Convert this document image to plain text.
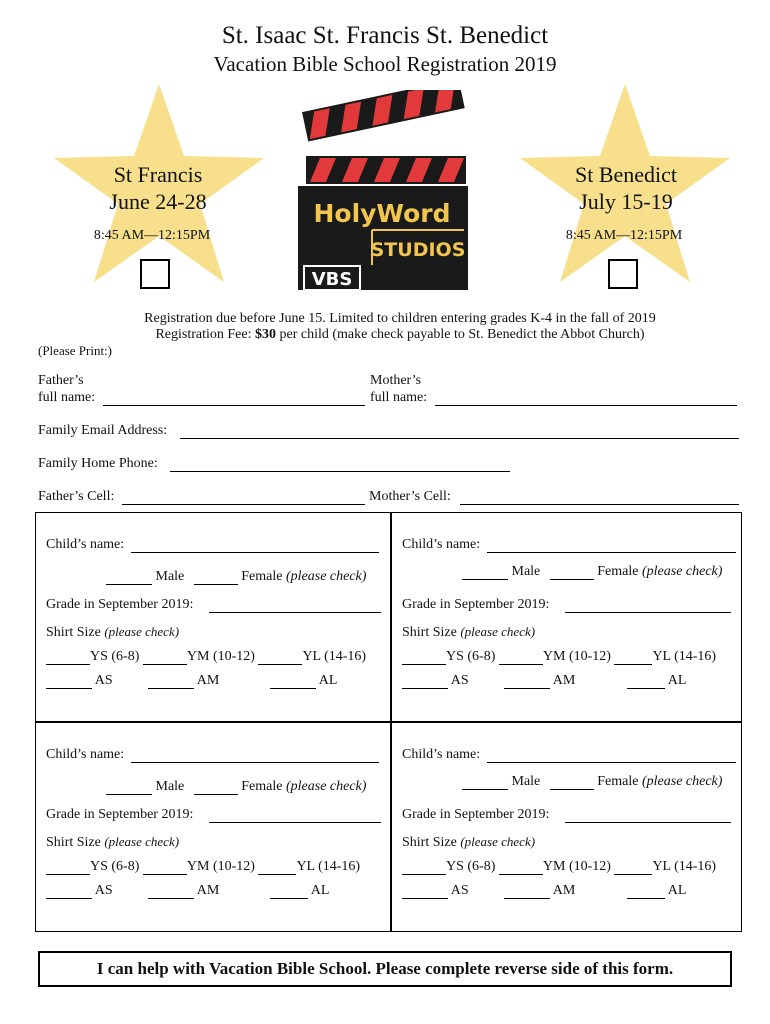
St. Isaac St. Francis St. Benedict
Vacation Bible School Registration 2019
St Francis
June 24-28
8:45 AM—12:15PM
St Benedict
July 15-19
8:45 AM—12:15PM
HolyWord
STUDIOS
VBS
Registration due before June 15. Limited to children entering grades K-4 in the fall of 2019
Registration Fee: $30 per child (make check payable to St. Benedict the Abbot Church)
(Please Print:)
Father’s
full name:
Mother’s
full name:
Family Email Address:
Family Home Phone:
Father’s Cell:	Mother’s Cell:
Child’s name:
Male	Female (please check)
Grade in September 2019:
Shirt Size (please check)
YS (6-8)	YM (10-12)	YL (14-16)
AS	AM	AL
Child’s name:
Male	Female (please check)
Grade in September 2019:
Shirt Size (please check)
YS (6-8)	YM (10-12)	YL (14-16)
AS	AM	AL
Child’s name:
Male	Female (please check)
Grade in September 2019:
Shirt Size (please check)
YS (6-8)	YM (10-12)	YL (14-16)
AS	AM	AL
Child’s name:
Male	Female (please check)
Grade in September 2019:
Shirt Size (please check)
YS (6-8)	YM (10-12)	YL (14-16)
AS	AM	AL
I can help with Vacation Bible School. Please complete reverse side of this form.
